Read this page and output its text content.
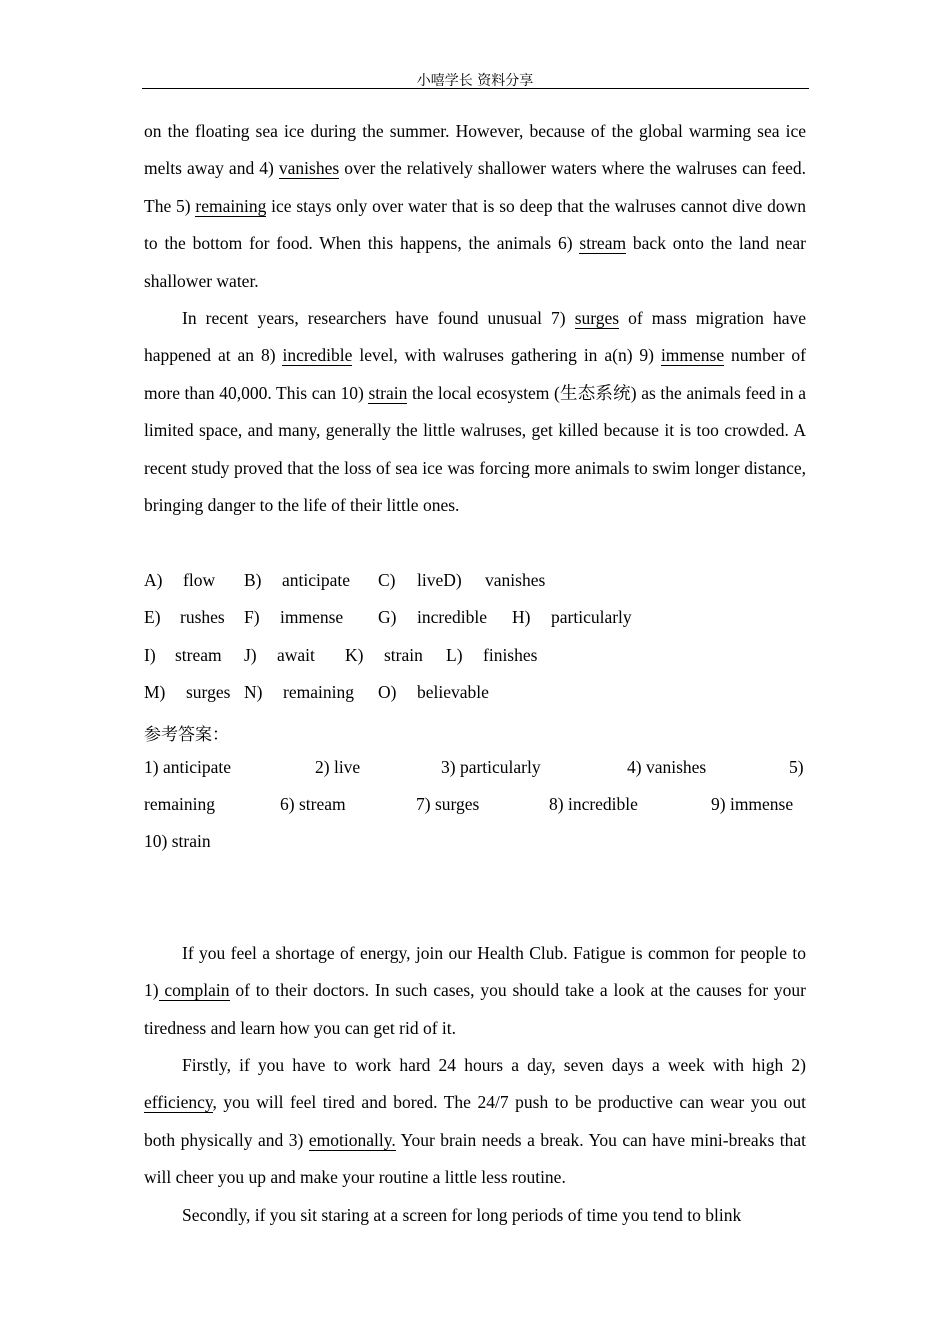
小嘻学长 资料分享

on the floating sea ice during the summer. However, because of the global warming sea ice melts away and 4) vanishes over the relatively shallower waters where the walruses can feed. The 5) remaining ice stays only over water that is so deep that the walruses cannot dive down to the bottom for food. When this happens, the animals 6) stream back onto the land near shallower water.

In recent years, researchers have found unusual 7) surges of mass migration have happened at an 8) incredible level, with walruses gathering in a(n) 9) immense number of more than 40,000. This can 10) strain the local ecosystem (生态系统) as the animals feed in a limited space, and many, generally the little walruses, get killed because it is too crowded. A recent study proved that the loss of sea ice was forcing more animals to swim longer distance, bringing danger to the life of their little ones.

A) flow B) anticipate C) liveD) vanishes
E) rushes F) immense G) incredible H) particularly
I) stream J) await K) strain L) finishes
M) surges N) remaining O) believable
参考答案：
1) anticipate	2) live	3) particularly	4) vanishes	5)
remaining	6) stream	7) surges	8) incredible	9) immense
10) strain

If you feel a shortage of energy, join our Health Club. Fatigue is common for people to 1) complain of to their doctors. In such cases, you should take a look at the causes for your tiredness and learn how you can get rid of it.

Firstly, if you have to work hard 24 hours a day, seven days a week with high 2) efficiency, you will feel tired and bored. The 24/7 push to be productive can wear you out both physically and 3) emotionally. Your brain needs a break. You can have mini-breaks that will cheer you up and make your routine a little less routine.

Secondly, if you sit staring at a screen for long periods of time you tend to blink
